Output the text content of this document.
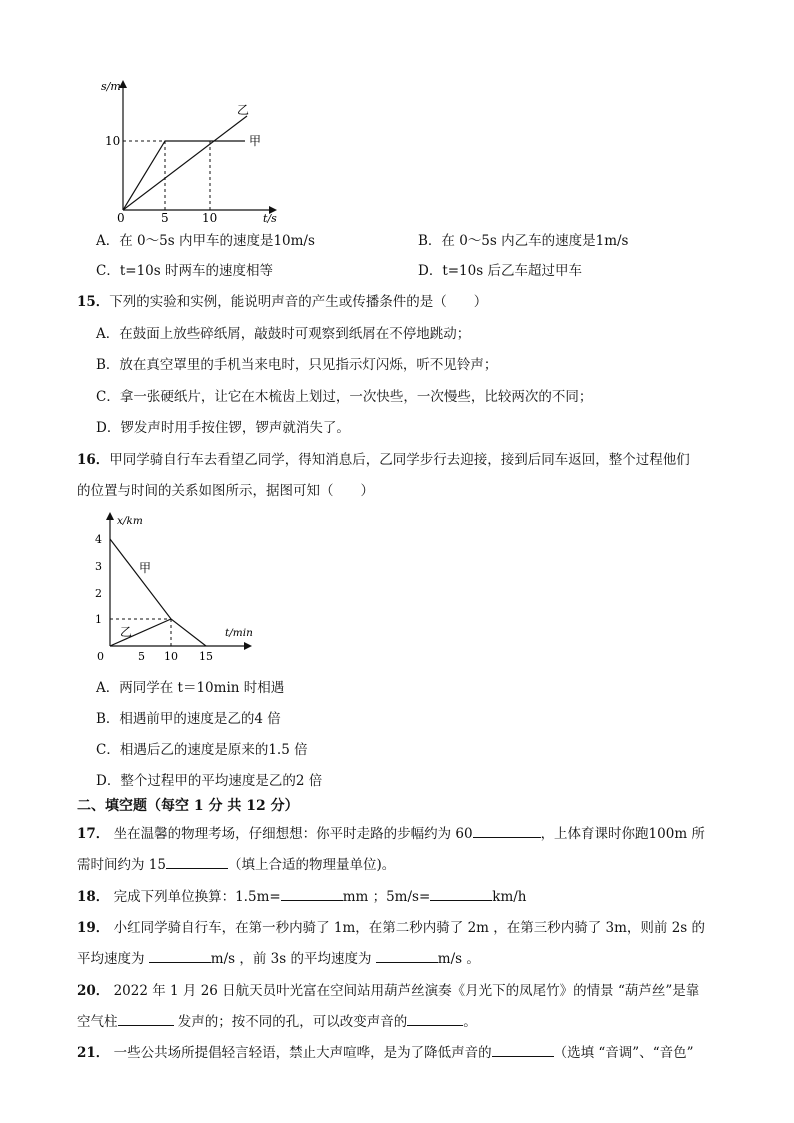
s/m
10
0	5	10	t/s
甲
乙
A．在 0～5s 内甲车的速度是10m/s	B．在 0～5s 内乙车的速度是1m/s
C．t=10s 时两车的速度相等	D．t=10s 后乙车超过甲车
15．下列的实验和实例，能说明声音的产生或传播条件的是（　　）
A．在鼓面上放些碎纸屑，敲鼓时可观察到纸屑在不停地跳动；
B．放在真空罩里的手机当来电时，只见指示灯闪烁，听不见铃声；
C．拿一张硬纸片，让它在木梳齿上划过，一次快些，一次慢些，比较两次的不同；
D．锣发声时用手按住锣，锣声就消失了。
16．甲同学骑自行车去看望乙同学，得知消息后，乙同学步行去迎接，接到后同车返回，整个过程他们
的位置与时间的关系如图所示，据图可知（　　）
x/km
4
3
2
1
0	5 10 15
t/min
甲
乙
A．两同学在 t＝10min 时相遇
B．相遇前甲的速度是乙的4 倍
C．相遇后乙的速度是原来的1.5 倍
D．整个过程甲的平均速度是乙的2 倍
二、填空题（每空 1 分 共 12 分）
17． 坐在温馨的物理考场，仔细想想：你平时走路的步幅约为 60	，上体育课时你跑100m 所
需时间约为 15	（填上合适的物理量单位)。
18． 完成下列单位换算：1.5m=	mm ；5m/s=	km/h
19． 小红同学骑自行车，在第一秒内骑了 1m，在第二秒内骑了 2m ，在第三秒内骑了 3m，则前 2s 的
平均速度为	m/s ，前 3s 的平均速度为	m/s 。
20． 2022 年 1 月 26 日航天员叶光富在空间站用葫芦丝演奏《月光下的凤尾竹》的情景 “葫芦丝”是靠
空气柱	发声的；按不同的孔，可以改变声音的	。
21． 一些公共场所提倡轻言轻语，禁止大声喧哗，是为了降低声音的	（选填 “音调”、“音色”
